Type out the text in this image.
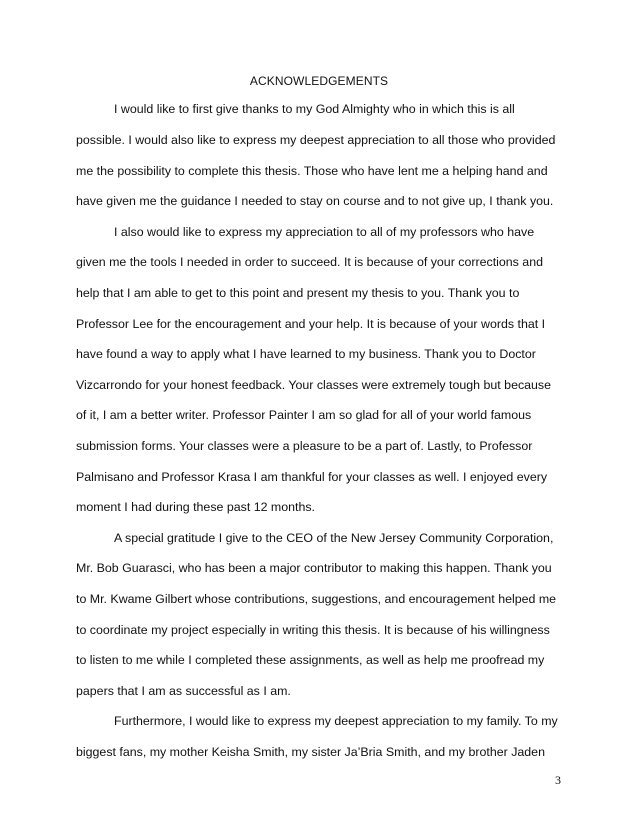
ACKNOWLEDGEMENTS
I would like to first give thanks to my God Almighty who in which this is all
possible. I would also like to express my deepest appreciation to all those who provided
me the possibility to complete this thesis. Those who have lent me a helping hand and
have given me the guidance I needed to stay on course and to not give up, I thank you.
I also would like to express my appreciation to all of my professors who have
given me the tools I needed in order to succeed. It is because of your corrections and
help that I am able to get to this point and present my thesis to you. Thank you to
Professor Lee for the encouragement and your help. It is because of your words that I
have found a way to apply what I have learned to my business. Thank you to Doctor
Vizcarrondo for your honest feedback. Your classes were extremely tough but because
of it, I am a better writer. Professor Painter I am so glad for all of your world famous
submission forms. Your classes were a pleasure to be a part of. Lastly, to Professor
Palmisano and Professor Krasa I am thankful for your classes as well. I enjoyed every
moment I had during these past 12 months.
A special gratitude I give to the CEO of the New Jersey Community Corporation,
Mr. Bob Guarasci, who has been a major contributor to making this happen. Thank you
to Mr. Kwame Gilbert whose contributions, suggestions, and encouragement helped me
to coordinate my project especially in writing this thesis. It is because of his willingness
to listen to me while I completed these assignments, as well as help me proofread my
papers that I am as successful as I am.
Furthermore, I would like to express my deepest appreciation to my family. To my
biggest fans, my mother Keisha Smith, my sister Ja’Bria Smith, and my brother Jaden
3
